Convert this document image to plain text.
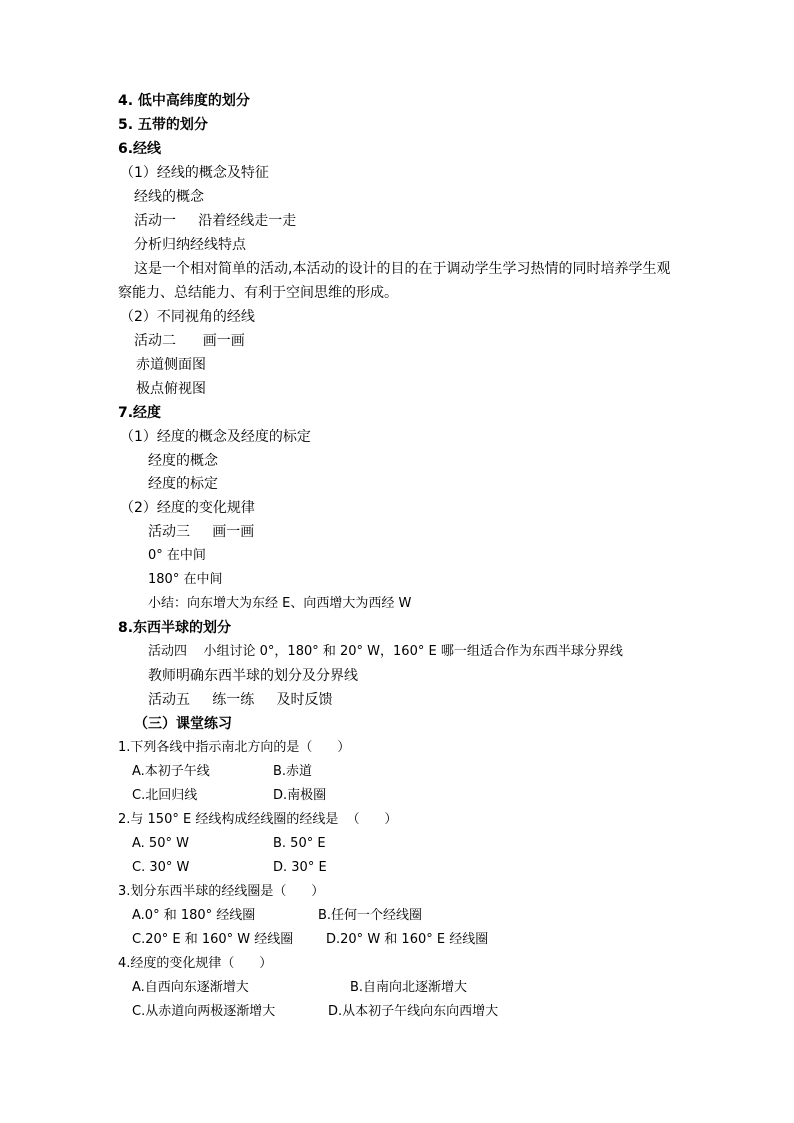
4. 低中高纬度的划分
5. 五带的划分
6.经线
（1）经线的概念及特征
经线的概念
活动一     沿着经线走一走
分析归纳经线特点
这是一个相对简单的活动,本活动的设计的目的在于调动学生学习热情的同时培养学生观
察能力、总结能力、有利于空间思维的形成。
（2）不同视角的经线
活动二      画一画
赤道侧面图
极点俯视图
7.经度
（1）经度的概念及经度的标定
经度的概念
经度的标定
（2）经度的变化规律
活动三     画一画
0° 在中间
180° 在中间
小结：向东增大为东经 E、向西增大为西经 W
8.东西半球的划分
活动四    小组讨论 0°，180° 和 20° W，160° E 哪一组适合作为东西半球分界线
教师明确东西半球的划分及分界线
活动五     练一练     及时反馈
（三）课堂练习
1.下列各线中指示南北方向的是（      ）
A.本初子午线	B.赤道
C.北回归线	D.南极圈
2.与 150° E 经线构成经线圈的经线是  （      ）
A. 50° W	B. 50° E
C. 30° W	D. 30° E
3.划分东西半球的经线圈是（      ）
A.0° 和 180° 经线圈	B.任何一个经线圈
C.20° E 和 160° W 经线圈	D.20° W 和 160° E 经线圈
4.经度的变化规律（      ）
A.自西向东逐渐增大	B.自南向北逐渐增大
C.从赤道向两极逐渐增大	D.从本初子午线向东向西增大
